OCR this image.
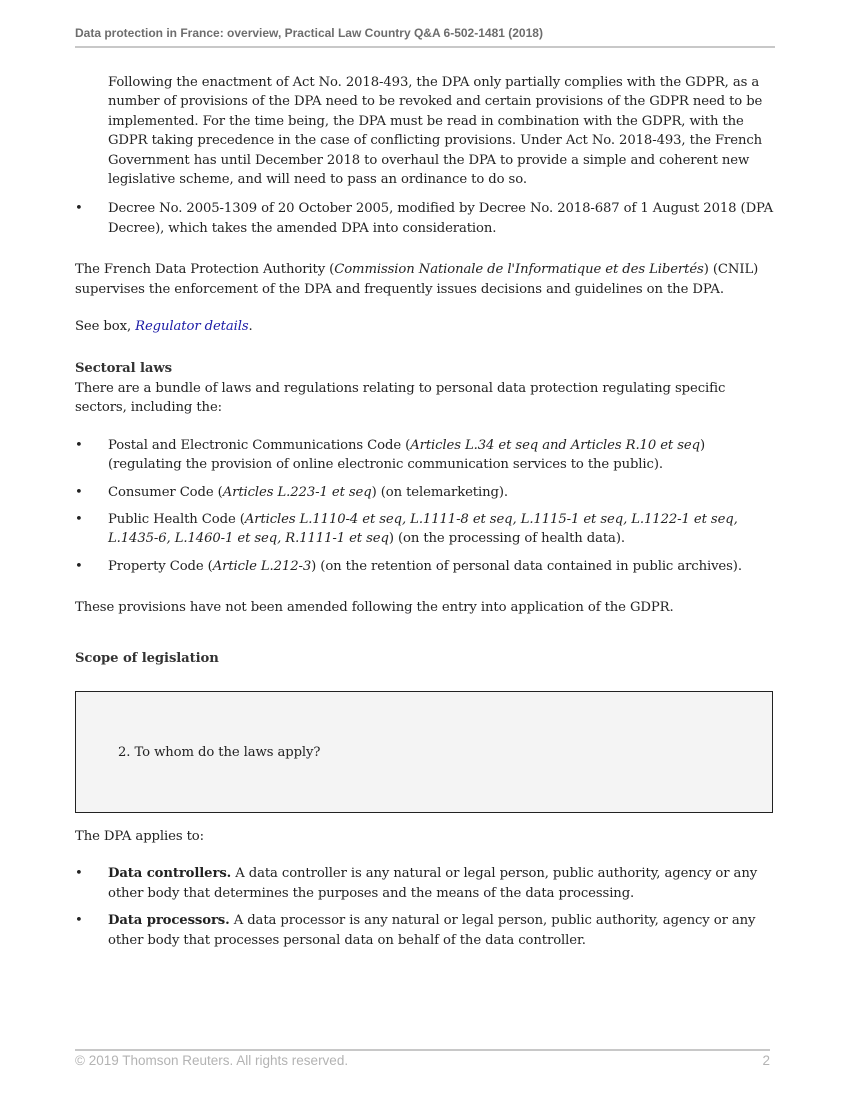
Data protection in France: overview, Practical Law Country Q&A 6-502-1481 (2018)

Following the enactment of Act No. 2018-493, the DPA only partially complies with the GDPR, as a number of provisions of the DPA need to be revoked and certain provisions of the GDPR need to be implemented. For the time being, the DPA must be read in combination with the GDPR, with the GDPR taking precedence in the case of conflicting provisions. Under Act No. 2018-493, the French Government has until December 2018 to overhaul the DPA to provide a simple and coherent new legislative scheme, and will need to pass an ordinance to do so.

• Decree No. 2005-1309 of 20 October 2005, modified by Decree No. 2018-687 of 1 August 2018 (DPA Decree), which takes the amended DPA into consideration.

The French Data Protection Authority (Commission Nationale de l'Informatique et des Libertés) (CNIL) supervises the enforcement of the DPA and frequently issues decisions and guidelines on the DPA.

See box, Regulator details.

Sectoral laws

There are a bundle of laws and regulations relating to personal data protection regulating specific sectors, including the:

• Postal and Electronic Communications Code (Articles L.34 et seq and Articles R.10 et seq) (regulating the provision of online electronic communication services to the public).
• Consumer Code (Articles L.223-1 et seq) (on telemarketing).
• Public Health Code (Articles L.1110-4 et seq, L.1111-8 et seq, L.1115-1 et seq, L.1122-1 et seq, L.1435-6, L.1460-1 et seq, R.1111-1 et seq) (on the processing of health data).
• Property Code (Article L.212-3) (on the retention of personal data contained in public archives).

These provisions have not been amended following the entry into application of the GDPR.

Scope of legislation

2. To whom do the laws apply?

The DPA applies to:

• Data controllers. A data controller is any natural or legal person, public authority, agency or any other body that determines the purposes and the means of the data processing.
• Data processors. A data processor is any natural or legal person, public authority, agency or any other body that processes personal data on behalf of the data controller.
© 2019 Thomson Reuters. All rights reserved.	2
